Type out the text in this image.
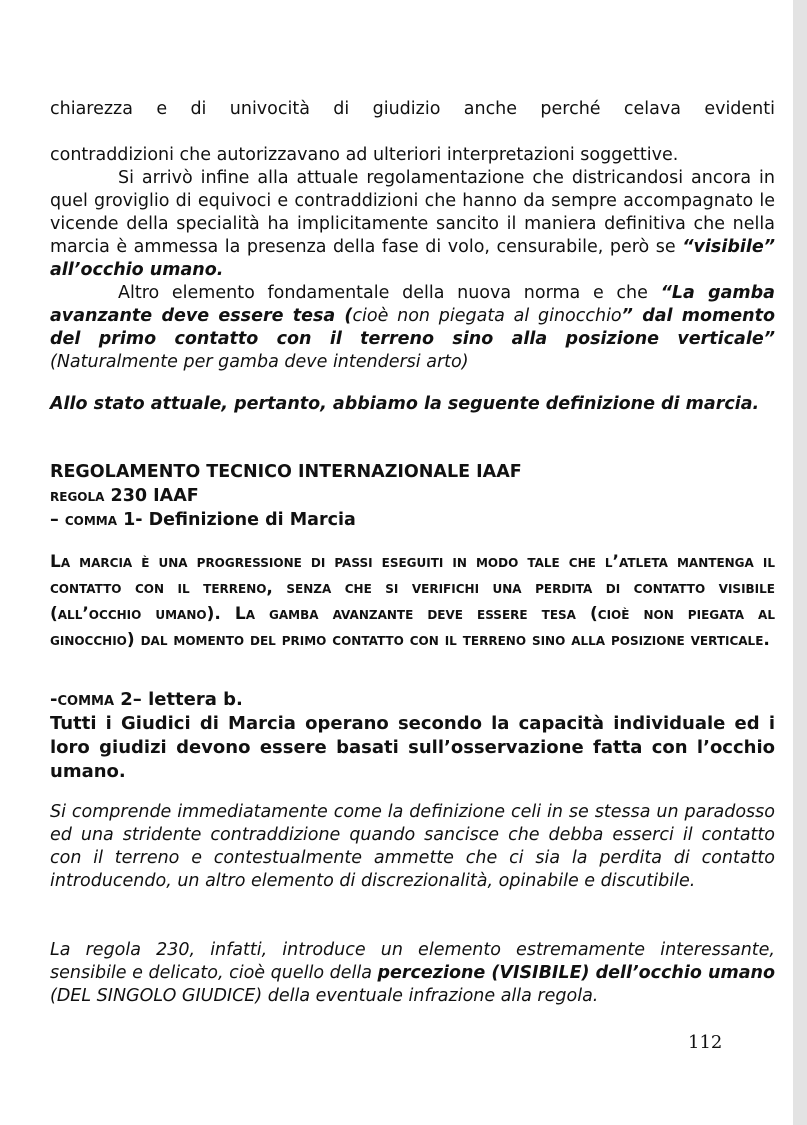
chiarezza e di univocità di giudizio anche perché celava evidenti

contraddizioni che autorizzavano ad ulteriori interpretazioni soggettive.

Si arrivò infine alla attuale regolamentazione che districandosi ancora in quel groviglio di equivoci e contraddizioni che hanno da sempre accompagnato le vicende della specialità ha implicitamente sancito il maniera definitiva che nella marcia è ammessa la presenza della fase di volo, censurabile, però se “visibile” all’occhio umano.

Altro elemento fondamentale della nuova norma e che “La gamba avanzante deve essere tesa (cioè non piegata al ginocchio” dal momento del primo contatto con il terreno sino alla posizione verticale” (Naturalmente per gamba deve intendersi arto)

Allo stato attuale, pertanto, abbiamo la seguente definizione di marcia.

REGOLAMENTO TECNICO INTERNAZIONALE IAAF

regola 230 IAAF

– comma 1- Definizione di Marcia

La marcia è una progressione di passi eseguiti in modo tale che l’atleta mantenga il contatto con il terreno, senza che si verifichi una perdita di contatto visibile (all’occhio umano). La gamba avanzante deve essere tesa (cioè non piegata al ginocchio) dal momento del primo contatto con il terreno sino alla posizione verticale.

-comma 2– lettera b.

Tutti i Giudici di Marcia operano secondo la capacità individuale ed i loro giudizi devono essere basati sull’osservazione fatta con l’occhio umano.

Si comprende immediatamente come la definizione celi in se stessa un paradosso ed una stridente contraddizione quando sancisce che debba esserci il contatto con il terreno e contestualmente ammette che ci sia la perdita di contatto introducendo, un altro elemento di discrezionalità, opinabile e discutibile.

La regola 230, infatti, introduce un elemento estremamente interessante, sensibile e delicato, cioè quello della percezione (VISIBILE) dell’occhio umano (DEL SINGOLO GIUDICE) della eventuale infrazione alla regola.

112
